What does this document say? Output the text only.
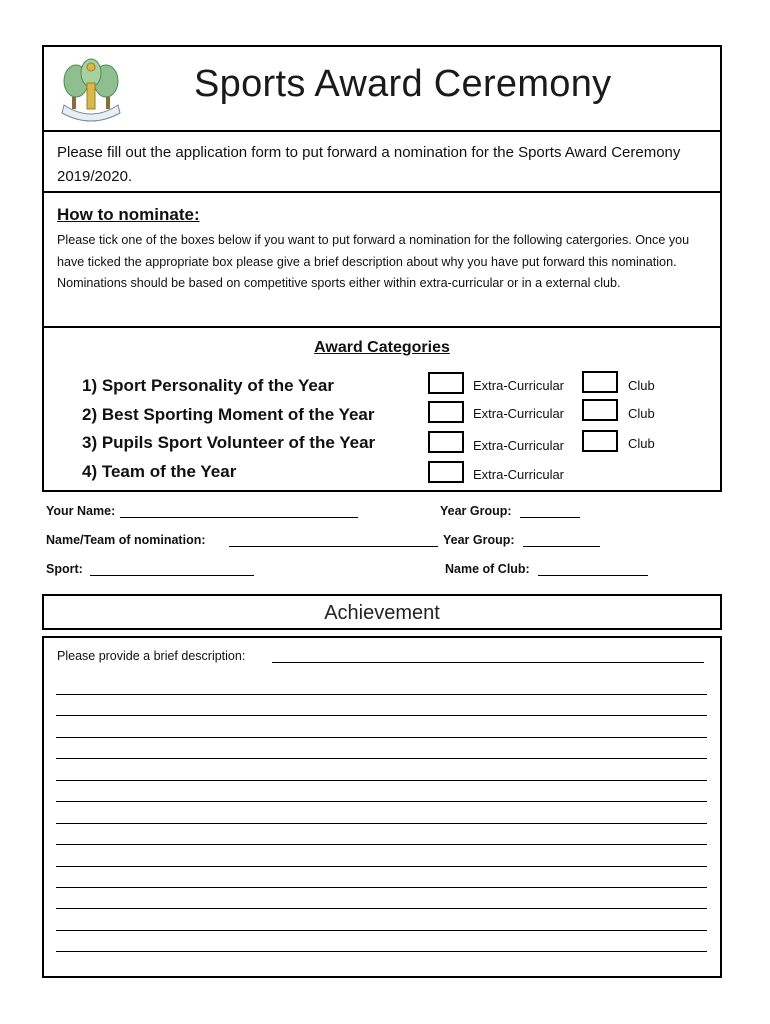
Sports Award Ceremony
Please fill out the application form to put forward a nomination for the Sports Award Ceremony 2019/2020.
How to nominate:
Please tick one of the boxes below if you want to put forward a nomination for the following catergories. Once you have ticked the appropriate box please give a brief description about why you have put forward this nomination. Nominations should be based on competitive sports either within extra-curricular or in a external club.
Award Categories
1) Sport Personality of the Year	Extra-Curricular	Club
2) Best Sporting Moment of the Year	Extra-Curricular	Club
3) Pupils Sport Volunteer of the Year	Extra-Curricular	Club
4) Team of the Year	Extra-Curricular
Your Name:	Year Group:
Name/Team of nomination:	Year Group:
Sport:	Name of Club:
Achievement
Please provide a brief description:
